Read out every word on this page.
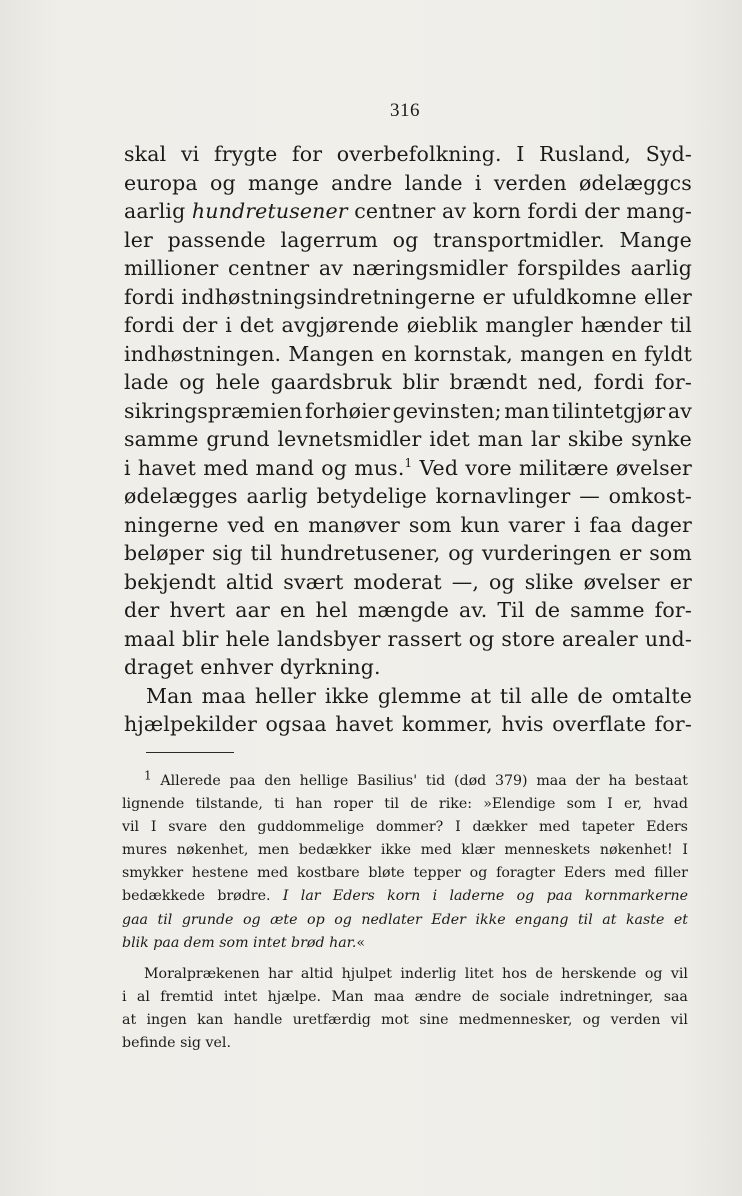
316
skal vi frygte for overbefolkning. I Rusland, Syd-
europa og mange andre lande i verden ødelæggcs
aarlig hundretusener centner av korn fordi der mang-
ler passende lagerrum og transportmidler. Mange
millioner centner av næringsmidler forspildes aarlig
fordi indhøstningsindretningerne er ufuldkomne eller
fordi der i det avgjørende øieblik mangler hænder til
indhøstningen. Mangen en kornstak, mangen en fyldt
lade og hele gaardsbruk blir brændt ned, fordi for-
sikringspræmien forhøier gevinsten; man tilintetgjør av
samme grund levnetsmidler idet man lar skibe synke
i havet med mand og mus.$^1$ Ved vore militære øvelser
ødelægges aarlig betydelige kornavlinger — omkost-
ningerne ved en manøver som kun varer i faa dager
beløper sig til hundretusener, og vurderingen er som
bekjendt altid svært moderat —, og slike øvelser er
der hvert aar en hel mængde av. Til de samme for-
maal blir hele landsbyer rassert og store arealer und-
draget
enhver
dyrkning.
Man maa heller ikke glemme at til alle de omtalte
hjælpekilder ogsaa havet kommer, hvis overflate for-
$^1$ Allerede paa den hellige Basilius' tid (død 379) maa der ha bestaat
lignende tilstande, ti han roper til de rike: »Elendige som I er, hvad
vil I svare den guddommelige dommer? I dækker med tapeter Eders
mures nøkenhet, men bedækker ikke med klær menneskets nøkenhet! I
smykker hestene med kostbare bløte tepper og foragter Eders med filler
bedækkede brødre. I lar Eders korn i laderne og paa kornmarkerne
gaa til grunde og æte op og nedlater Eder ikke engang til at kaste et
blik
paa
dem
som
intet
brød
har.«
Moralprækenen har altid hjulpet inderlig litet hos de herskende og vil
i al fremtid intet hjælpe. Man maa ændre de sociale indretninger, saa
at ingen kan handle uretfærdig mot sine medmennesker, og verden vil
befinde
sig
vel.
